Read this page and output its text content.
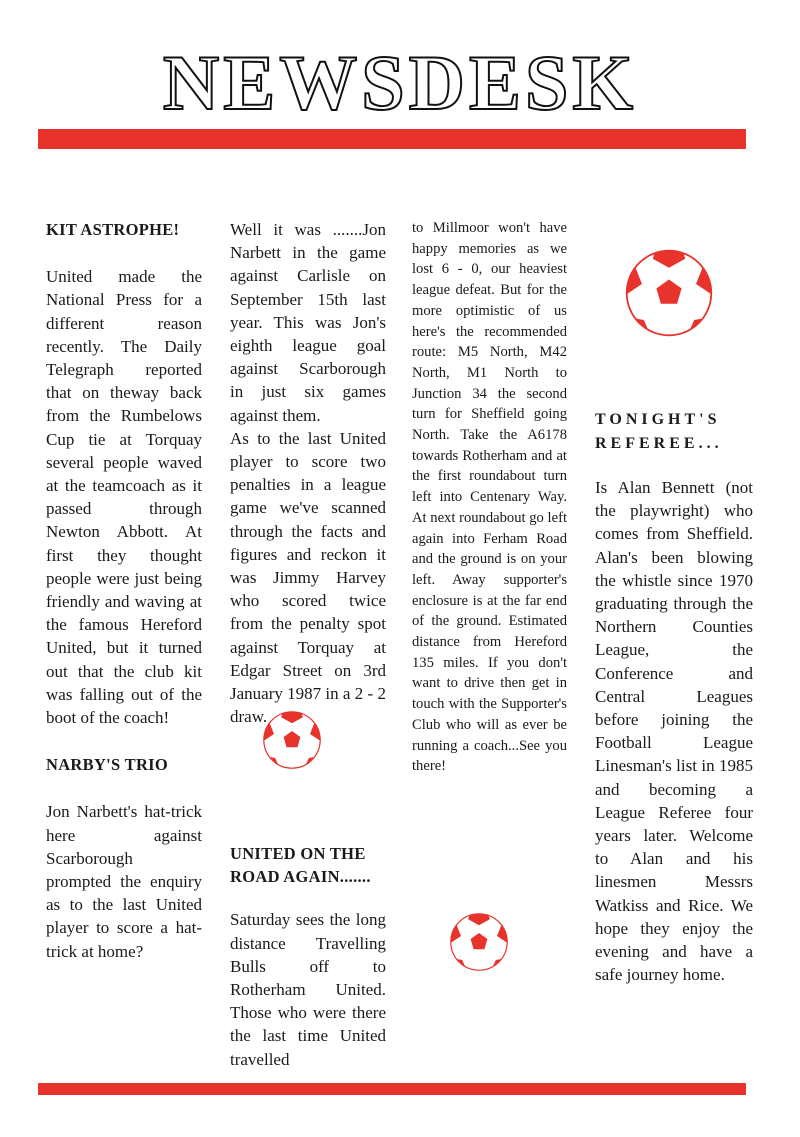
NEWSDESK

KIT ASTROPHE!

United made the National Press for a different reason recently. The Daily Telegraph reported that on theway back from the Rumbelows Cup tie at Torquay several people waved at the teamcoach as it passed through Newton Abbott. At first they thought people were just being friendly and waving at the famous Hereford United, but it turned out that the club kit was falling out of the boot of the coach!

NARBY'S TRIO

Jon Narbett's hat-trick here against Scarborough prompted the enquiry as to the last United player to score a hat-trick at home?

Well it was .......Jon Narbett in the game against Carlisle on September 15th last year. This was Jon's eighth league goal against Scarborough in just six games against them.

As to the last United player to score two penalties in a league game we've scanned through the facts and figures and reckon it was Jimmy Harvey who scored twice from the penalty spot against Torquay at Edgar Street on 3rd January 1987 in a 2 - 2 draw.

UNITED ON THE ROAD AGAIN.......

Saturday sees the long distance Travelling Bulls off to Rotherham United. Those who were there the last time United travelled

to Millmoor won't have happy memories as we lost 6 - 0, our heaviest league defeat. But for the more optimistic of us here's the recommended route: M5 North, M42 North, M1 North to Junction 34 the second turn for Sheffield going North. Take the A6178 towards Rotherham and at the first roundabout turn left into Centenary Way. At next roundabout go left again into Ferham Road and the ground is on your left. Away supporter's enclosure is at the far end of the ground. Estimated distance from Hereford 135 miles. If you don't want to drive then get in touch with the Supporter's Club who will as ever be running a coach...See you there!

TONIGHT'S REFEREE...

Is Alan Bennett (not the playwright) who comes from Sheffield. Alan's been blowing the whistle since 1970 graduating through the Northern Counties League, the Conference and Central Leagues before joining the Football League Linesman's list in 1985 and becoming a League Referee four years later. Welcome to Alan and his linesmen Messrs Watkiss and Rice. We hope they enjoy the evening and have a safe journey home.
